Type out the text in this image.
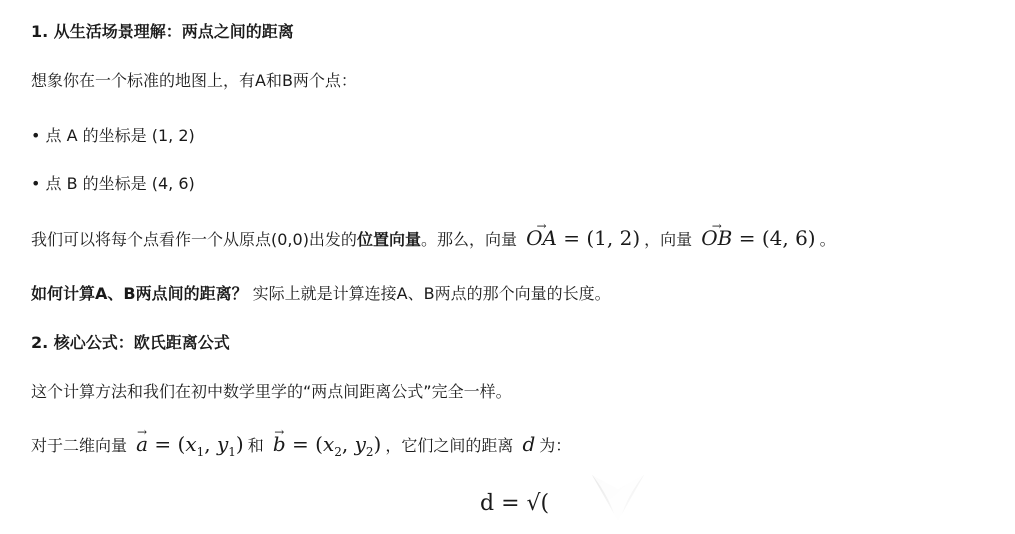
1. 从生活场景理解：两点之间的距离
想象你在一个标准的地图上，有A和B两个点：
• 点 A 的坐标是 (1, 2)
• 点 B 的坐标是 (4, 6)
我们可以将每个点看作一个从原点(0,0)出发的位置向量。那么，向量 OA → = (1, 2) ，向量 OB → = (4, 6) 。
如何计算A、B两点间的距离？ 实际上就是计算连接A、B两点的那个向量的长度。
2. 核心公式：欧氏距离公式
这个计算方法和我们在初中数学里学的“两点间距离公式”完全一样。
对于二维向量 a → = ($x_1$, $y_1$) 和 b → = ($x_2$, $y_2$) ，它们之间的距离 d 为：
d = √(
